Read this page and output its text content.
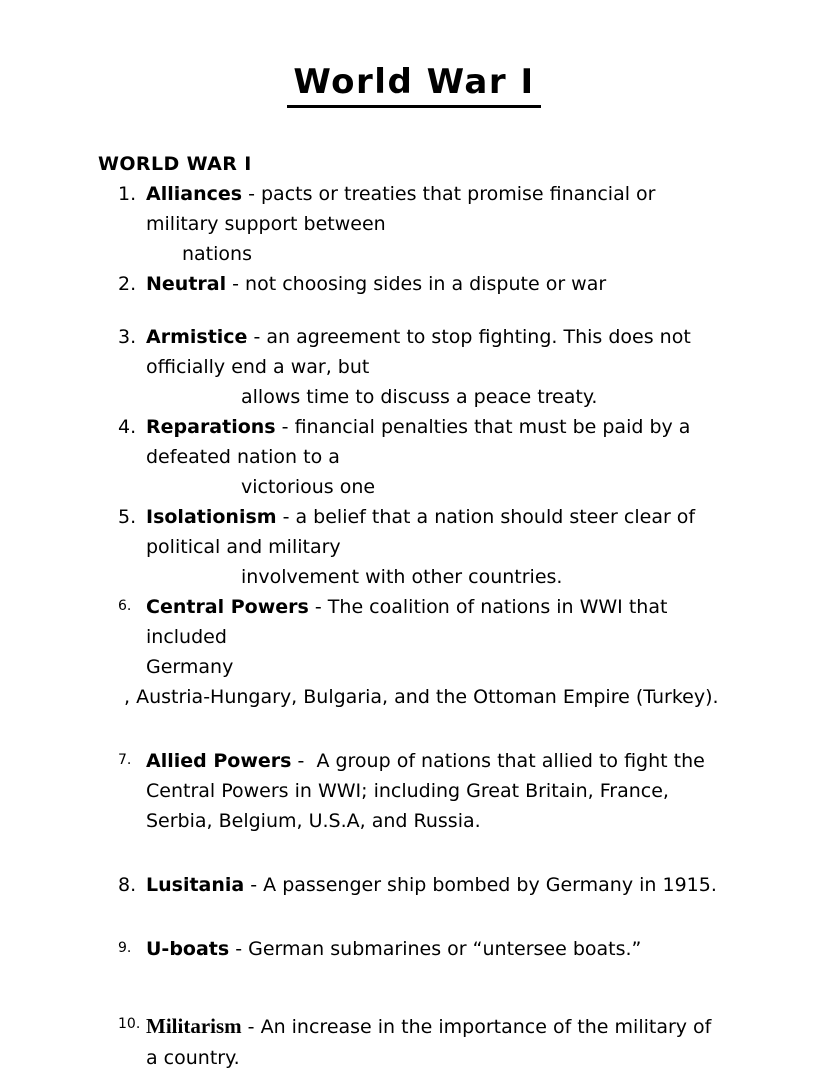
World War I
WORLD WAR I
1. Alliances - pacts or treaties that promise financial or
military support between
nations
2. Neutral - not choosing sides in a dispute or war
3. Armistice - an agreement to stop fighting. This does not
officially end a war, but
allows time to discuss a peace treaty.
4. Reparations - financial penalties that must be paid by a
defeated nation to a
victorious one
5. Isolationism - a belief that a nation should steer clear of
political and military
involvement with other countries.
6. Central Powers - The coalition of nations in WWI that included
Germany
, Austria-Hungary, Bulgaria, and the Ottoman Empire (Turkey).
7. Allied Powers -  A group of nations that allied to fight the
Central Powers in WWI; including Great Britain, France,
Serbia, Belgium, U.S.A, and Russia.
8. Lusitania - A passenger ship bombed by Germany in 1915.
9. U-boats - German submarines or “untersee boats.”
10. Militarism - An increase in the importance of the military of
a country.
